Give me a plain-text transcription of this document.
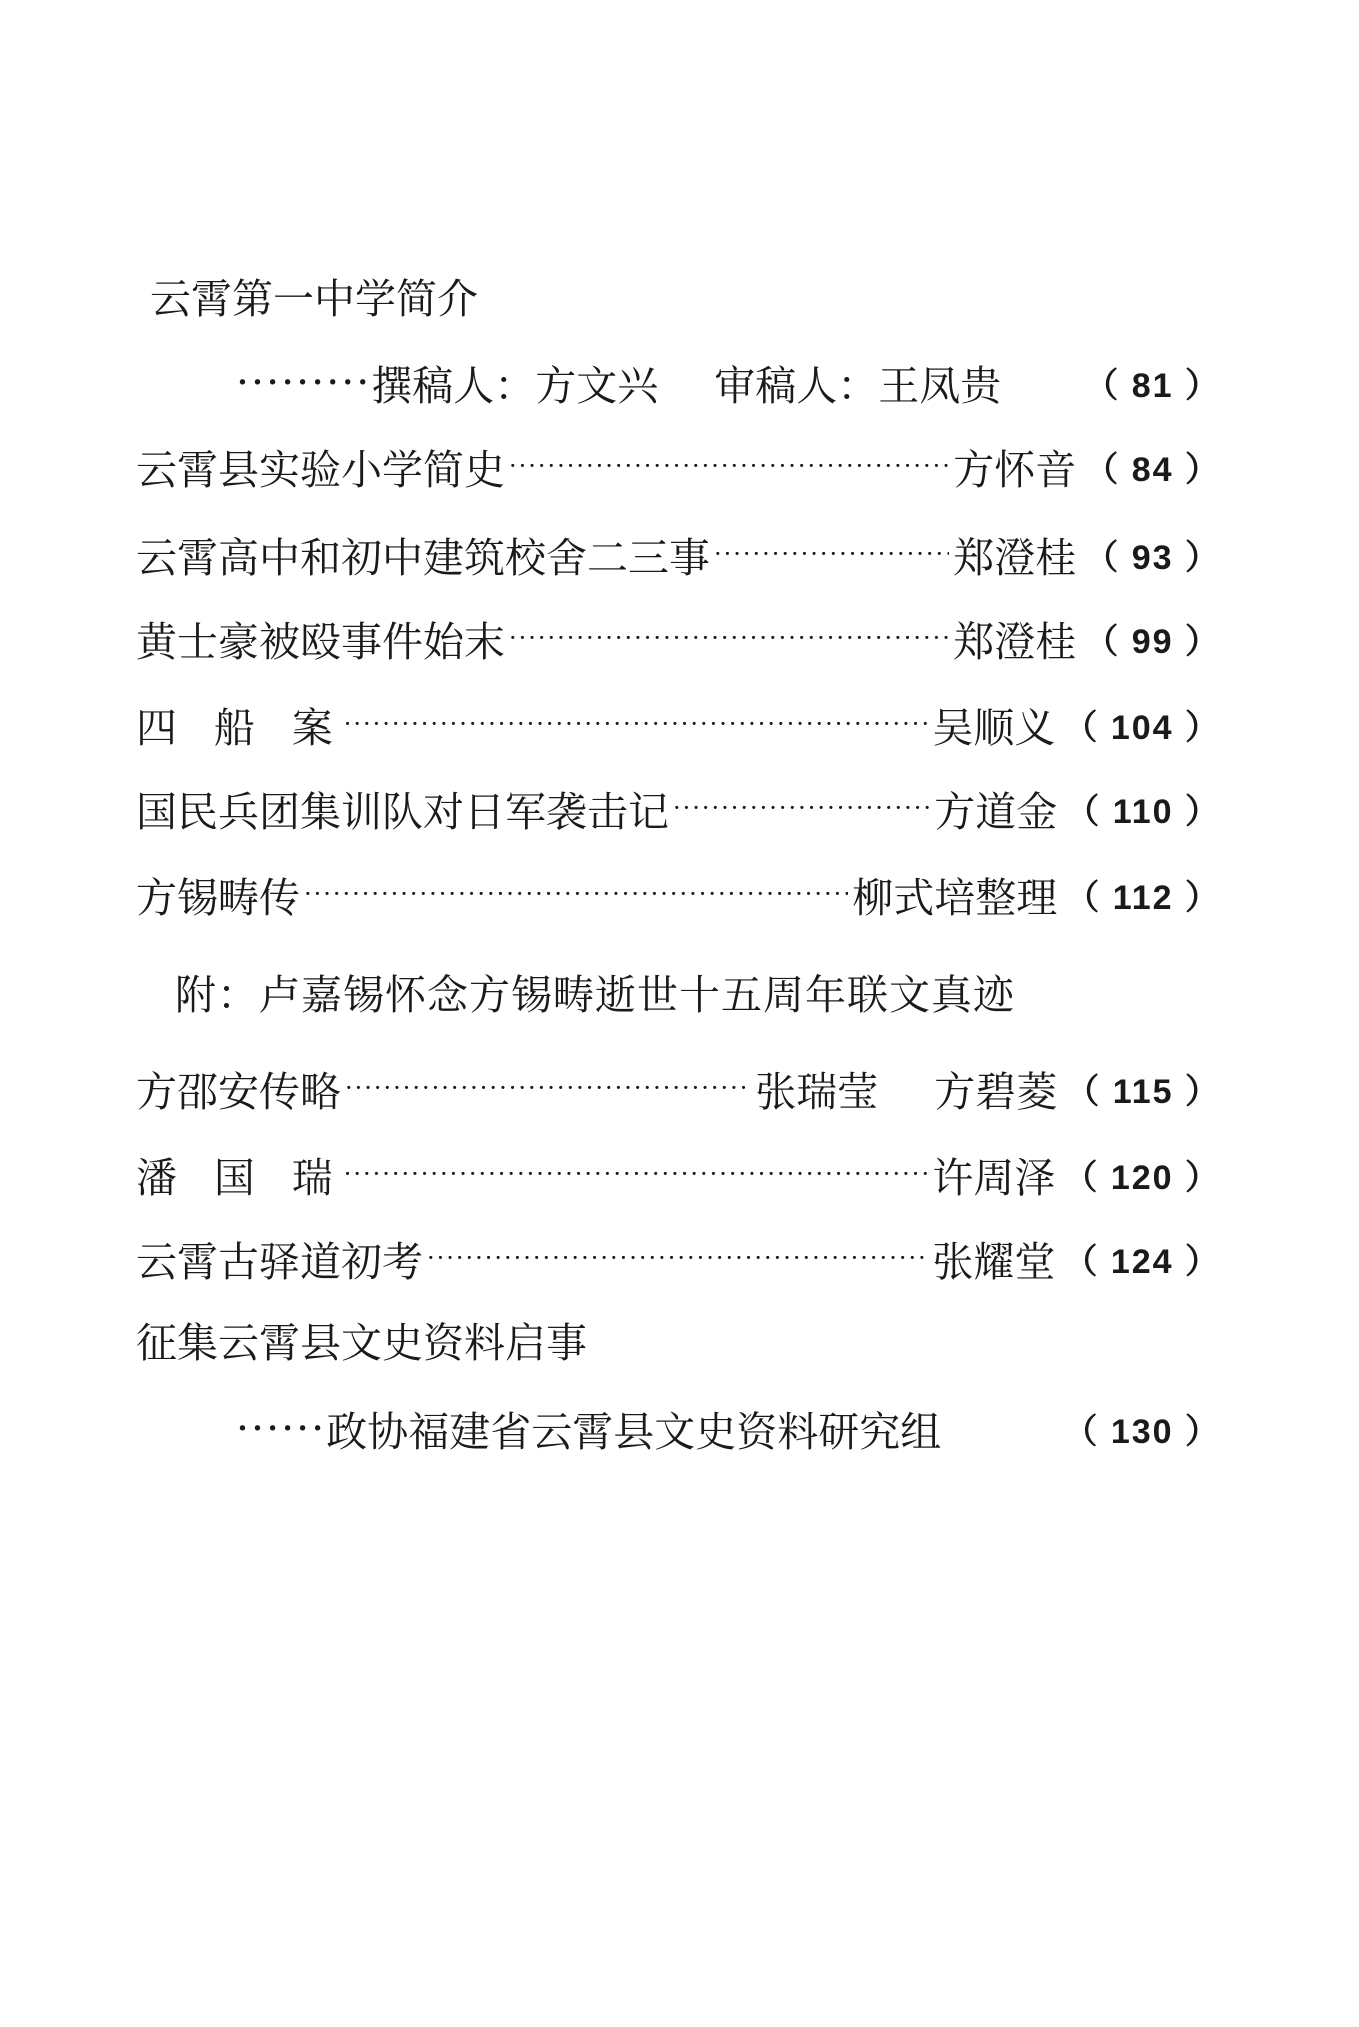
云霄第一中学简介
········· 撰稿人：方文兴 审稿人：王凤贵 （ 81 ）
云霄县实验小学简史 ·····	方怀音 （ 84 ）
云霄高中和初中建筑校舍二三事 ·····	郑澄桂 （ 93 ）
黄士豪被殴事件始末 ·····	郑澄桂 （ 99 ）
四船案 ·····	吴顺义 （ 104 ）
国民兵团集训队对日军袭击记 ·····	方道金 （ 110 ）
方锡畴传 ·····	柳式培整理 （ 112 ）
附：卢嘉锡怀念方锡畴逝世十五周年联文真迹
方邵安传略 ·····	张瑞莹 方碧菱 （ 115 ）
潘国瑞 ·····	许周泽 （ 120 ）
云霄古驿道初考 ·····	张耀堂 （ 124 ）
征集云霄县文史资料启事
······ 政协福建省云霄县文史资料研究组	（ 130 ）
